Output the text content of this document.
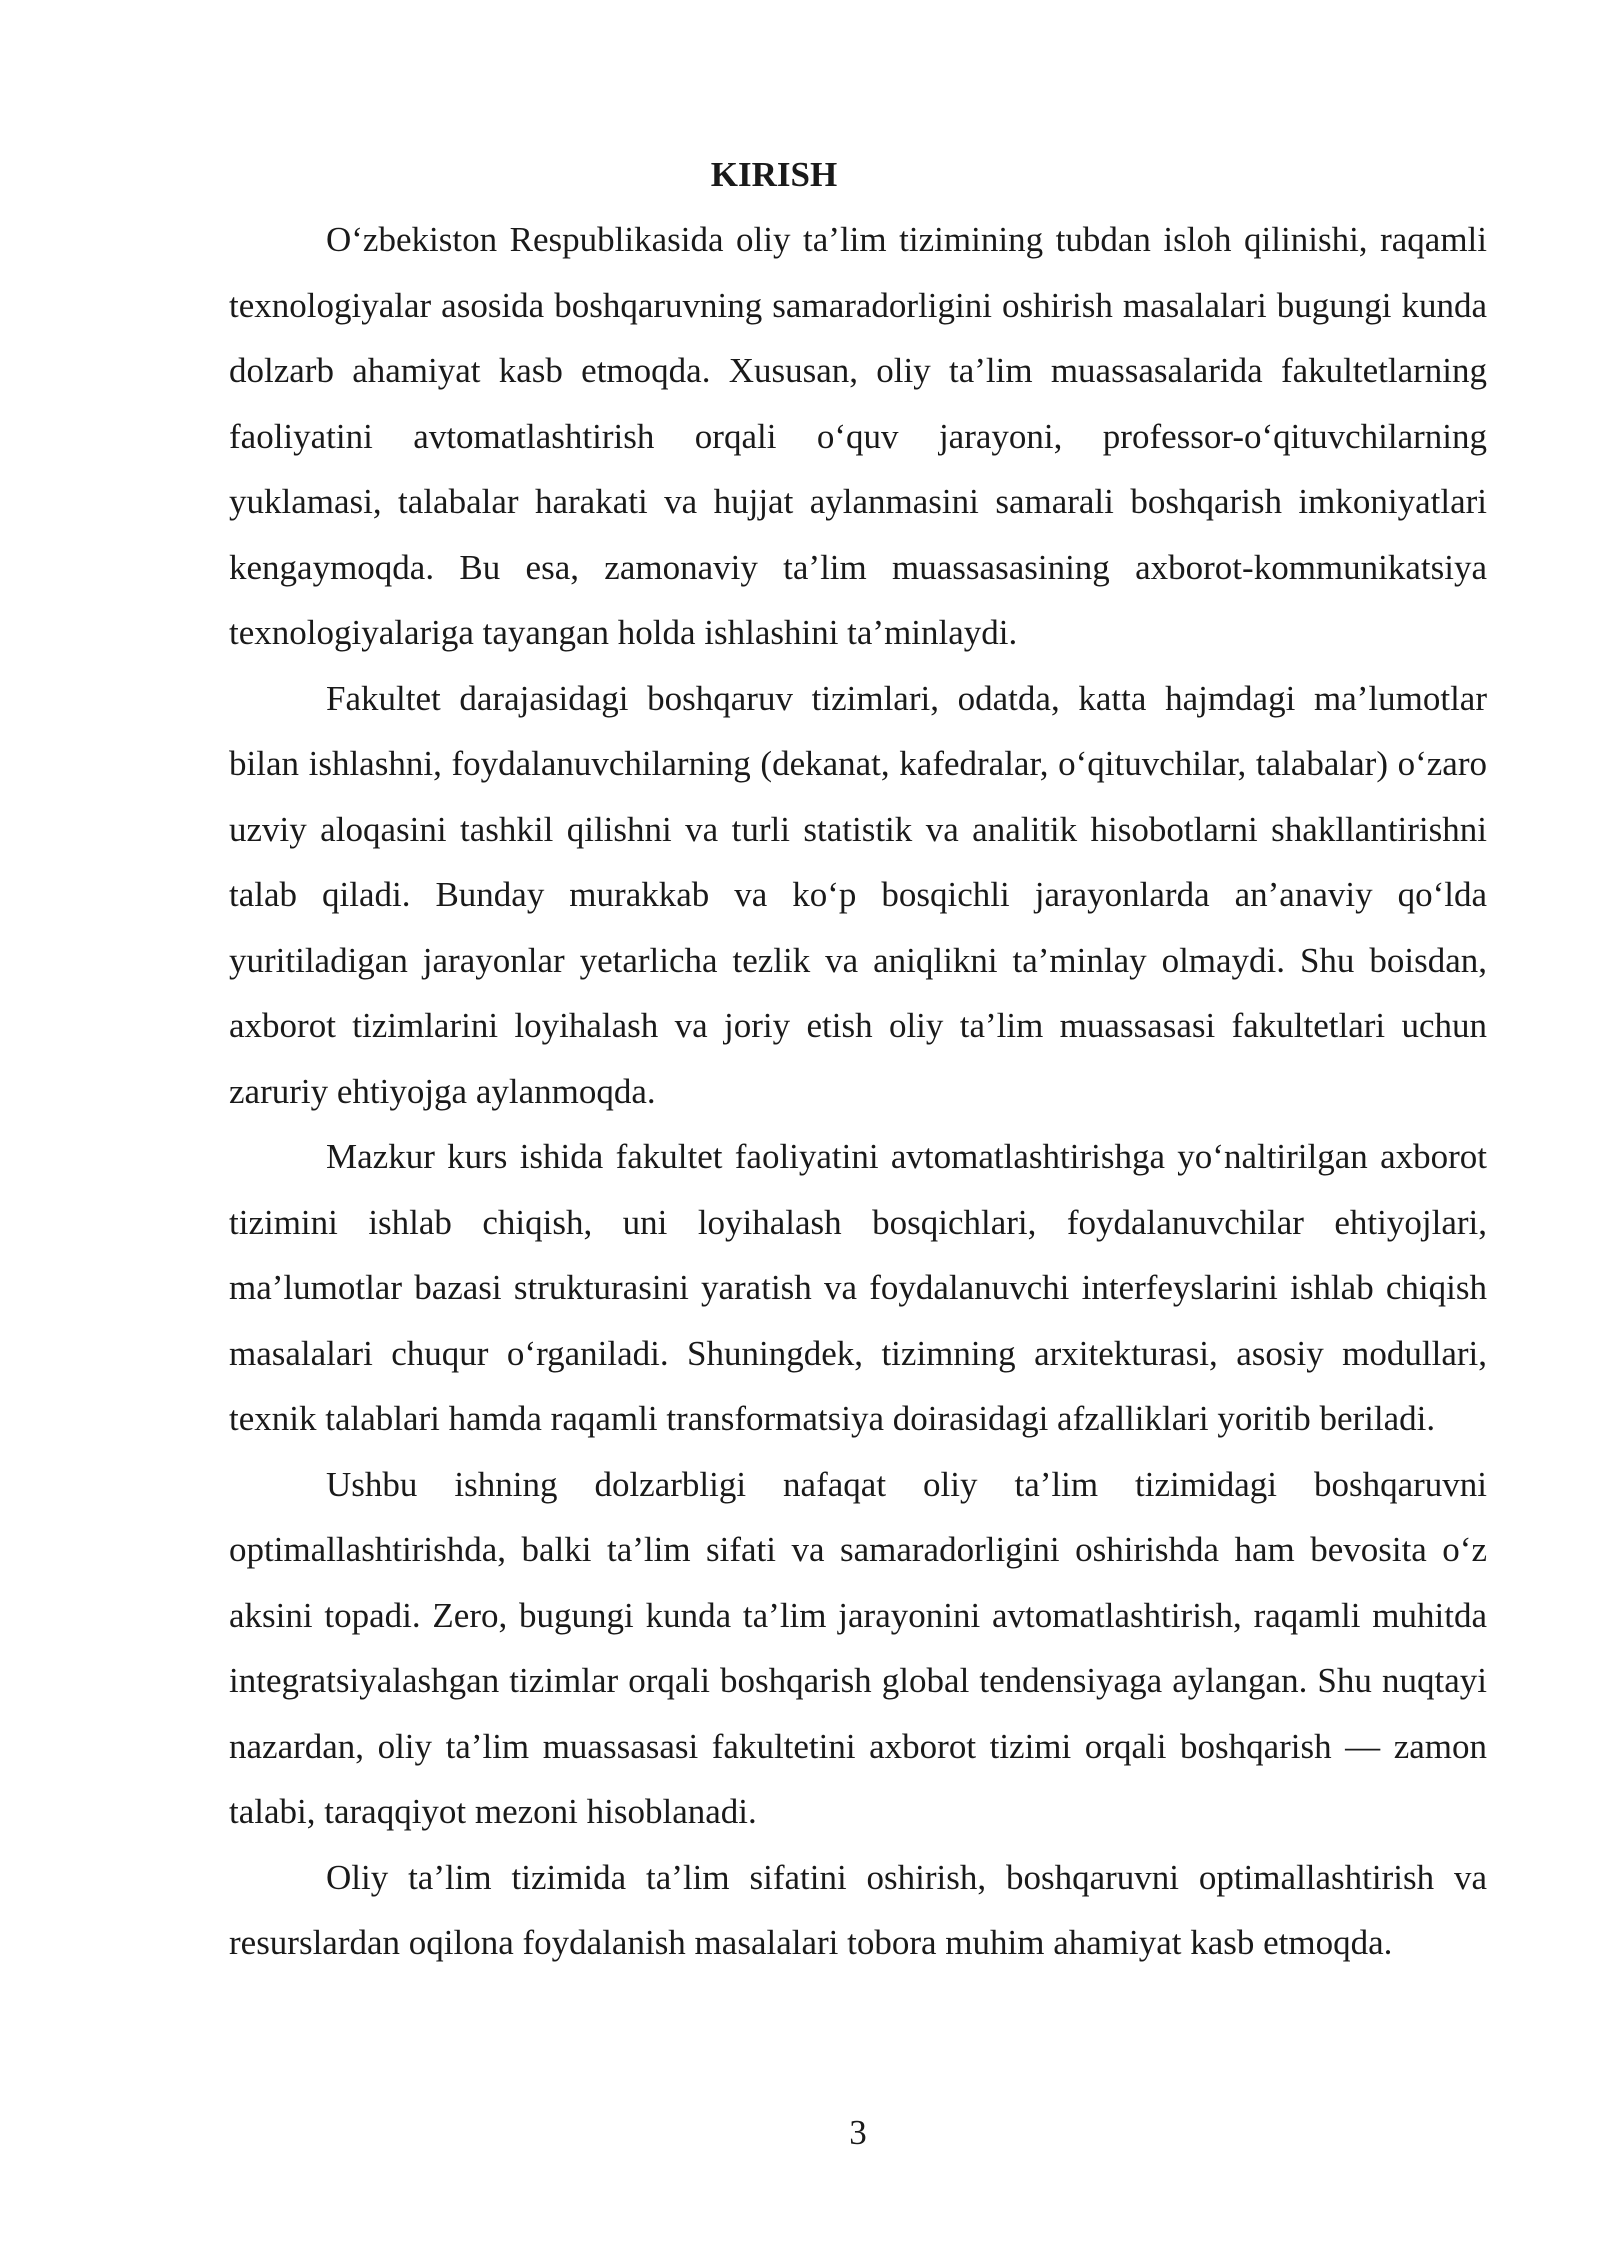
KIRISH

O‘zbekiston Respublikasida oliy ta’lim tizimining tubdan isloh qilinishi, raqamli texnologiyalar asosida boshqaruvning samaradorligini oshirish masalalari bugungi kunda dolzarb ahamiyat kasb etmoqda. Xususan, oliy ta’lim muassasalarida fakultetlarning faoliyatini avtomatlashtirish orqali o‘quv jarayoni, professor-o‘qituvchilarning yuklamasi, talabalar harakati va hujjat aylanmasini samarali boshqarish imkoniyatlari kengaymoqda. Bu esa, zamonaviy ta’lim muassasasining axborot-kommunikatsiya texnologiyalariga tayangan holda ishlashini ta’minlaydi.

Fakultet darajasidagi boshqaruv tizimlari, odatda, katta hajmdagi ma’lumotlar bilan ishlashni, foydalanuvchilarning (dekanat, kafedralar, o‘qituvchilar, talabalar) o‘zaro uzviy aloqasini tashkil qilishni va turli statistik va analitik hisobotlarni shakllantirishni talab qiladi. Bunday murakkab va ko‘p bosqichli jarayonlarda an’anaviy qo‘lda yuritiladigan jarayonlar yetarlicha tezlik va aniqlikni ta’minlay olmaydi. Shu boisdan, axborot tizimlarini loyihalash va joriy etish oliy ta’lim muassasasi fakultetlari uchun zaruriy ehtiyojga aylanmoqda.

Mazkur kurs ishida fakultet faoliyatini avtomatlashtirishga yo‘naltirilgan axborot tizimini ishlab chiqish, uni loyihalash bosqichlari, foydalanuvchilar ehtiyojlari, ma’lumotlar bazasi strukturasini yaratish va foydalanuvchi interfeyslarini ishlab chiqish masalalari chuqur o‘rganiladi. Shuningdek, tizimning arxitekturasi, asosiy modullari, texnik talablari hamda raqamli transformatsiya doirasidagi afzalliklari yoritib beriladi.

Ushbu ishning dolzarbligi nafaqat oliy ta’lim tizimidagi boshqaruvni optimallashtirishda, balki ta’lim sifati va samaradorligini oshirishda ham bevosita o‘z aksini topadi. Zero, bugungi kunda ta’lim jarayonini avtomatlashtirish, raqamli muhitda integratsiyalashgan tizimlar orqali boshqarish global tendensiyaga aylangan. Shu nuqtayi nazardan, oliy ta’lim muassasasi fakultetini axborot tizimi orqali boshqarish — zamon talabi, taraqqiyot mezoni hisoblanadi.

Oliy ta’lim tizimida ta’lim sifatini oshirish, boshqaruvni optimallashtirish va resurslardan oqilona foydalanish masalalari tobora muhim ahamiyat kasb etmoqda.

3
